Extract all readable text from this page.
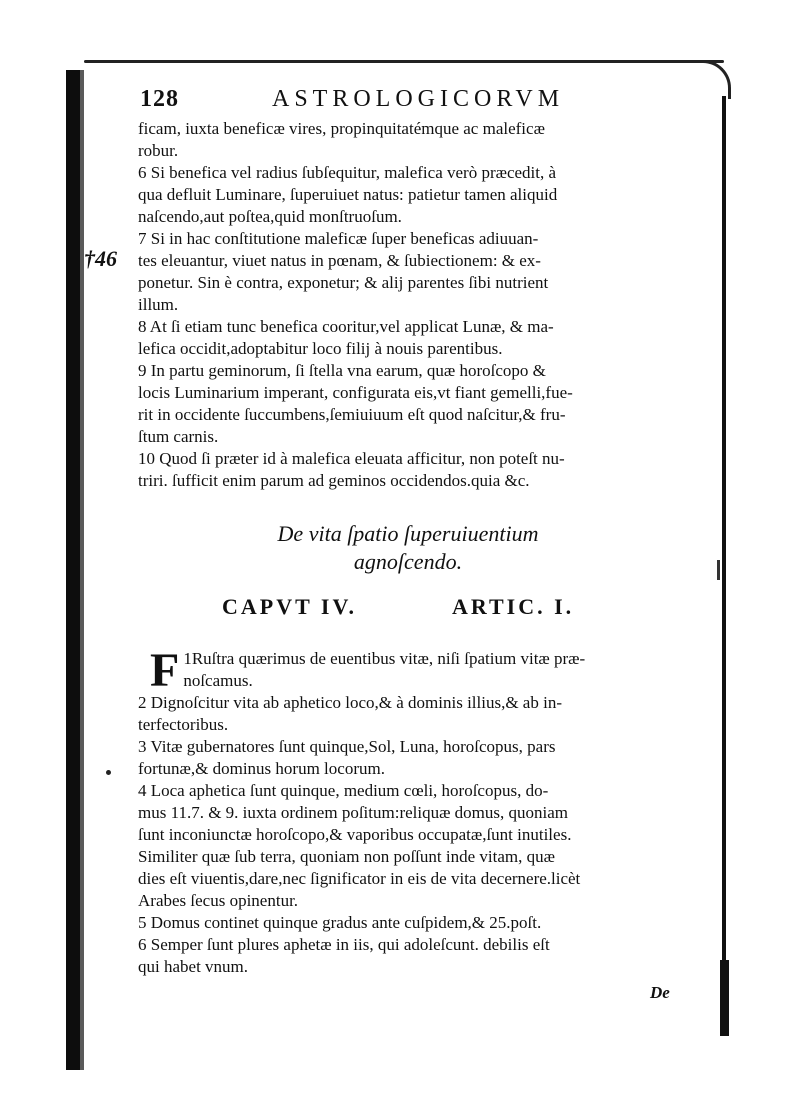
128	ASTROLOGICORVM
†46

ficam, iuxta beneficæ vires, propinquitatémque ac maleficæ

robur.

6 Si benefica vel radius ſubſequitur, malefica verò præcedit, à

qua defluit Luminare, ſuperuiuet natus: patietur tamen aliquid

naſcendo,aut poſtea,quid monſtruoſum.

7 Si in hac conſtitutione maleficæ ſuper beneficas adiuuan-

tes eleuantur, viuet natus in pœnam, & ſubiectionem: & ex-

ponetur. Sin è contra, exponetur; & alij parentes ſibi nutrient

illum.

8 At ſi etiam tunc benefica cooritur,vel applicat Lunæ, & ma-

lefica occidit,adoptabitur loco filij à nouis parentibus.

9 In partu geminorum, ſi ſtella vna earum, quæ horoſcopo &

locis Luminarium imperant, configurata eis,vt fiant gemelli,fue-

rit in occidente ſuccumbens,ſemiuiuum eſt quod naſcitur,& fru-

ſtum carnis.

10 Quod ſi præter id à malefica eleuata afficitur, non poteſt nu-

triri. ſufficit enim parum ad geminos occidendos.quia &c.

De vita ſpatio ſuperuiuentium
agnoſcendo.
CAPVT IV.	ARTIC. I.

1
F Ruſtra quærimus de euentibus vitæ, niſi ſpatium vitæ præ-
noſcamus.

2 Dignoſcitur vita ab aphetico loco,& à dominis illius,& ab in-

terfectoribus.

3 Vitæ gubernatores ſunt quinque,Sol, Luna, horoſcopus, pars

fortunæ,& dominus horum locorum.

4 Loca aphetica ſunt quinque, medium cœli, horoſcopus, do-

mus 11.7. & 9. iuxta ordinem poſitum:reliquæ domus, quoniam

ſunt inconiunctæ horoſcopo,& vaporibus occupatæ,ſunt inutiles.

Similiter quæ ſub terra, quoniam non poſſunt inde vitam, quæ

dies eſt viuentis,dare,nec ſignificator in eis de vita decernere.licèt

Arabes ſecus opinentur.

5 Domus continet quinque gradus ante cuſpidem,& 25.poſt.

6 Semper ſunt plures aphetæ in iis, qui adoleſcunt. debilis eſt

qui habet vnum.

De
